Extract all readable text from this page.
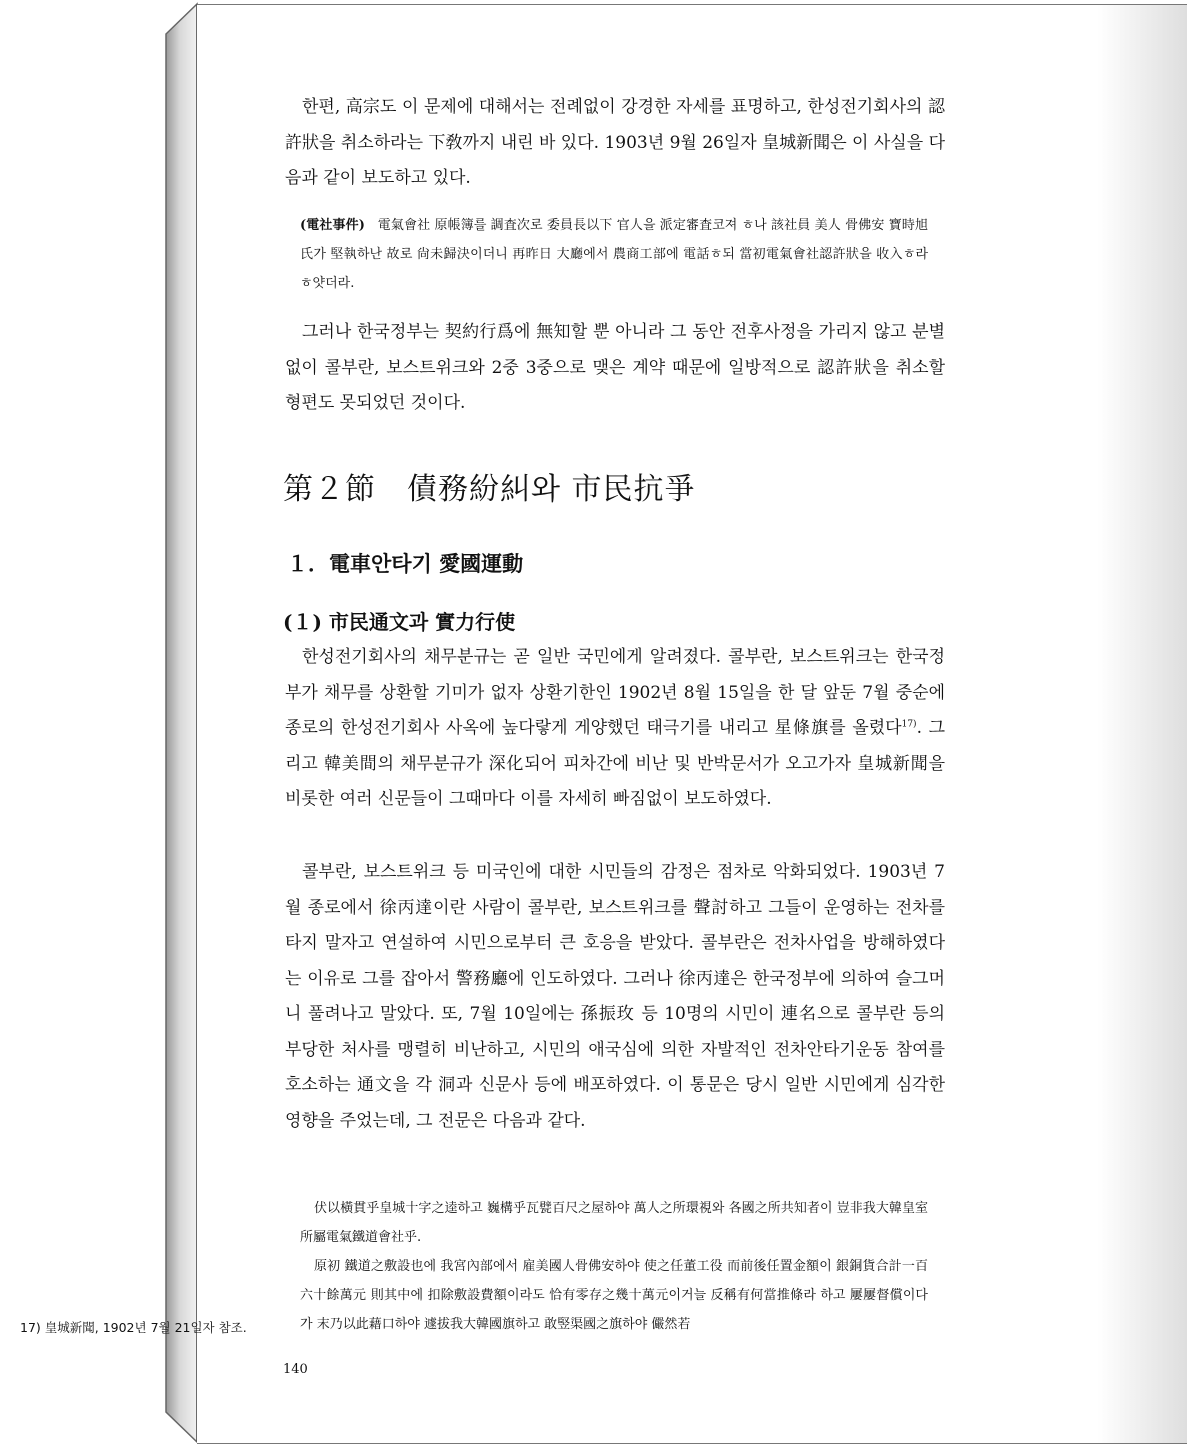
한편, 高宗도 이 문제에 대해서는 전례없이 강경한 자세를 표명하고, 한성전기회사의 認許狀을 취소하라는 下敎까지 내린 바 있다. 1903년 9월 26일자 皇城新聞은 이 사실을 다음과 같이 보도하고 있다.

(電社事件) 電氣會社 原帳簿를 調査次로 委員長以下 官人을 派定審査코져 ㅎ나 該社員 美人 骨佛安 寶時旭氏가 堅執하난 故로 尙未歸決이더니 再昨日 大廳에서 農商工部에 電話ㅎ되 當初電氣會社認許狀을 收入ㅎ라 ㅎ얏더라.

그러나 한국정부는 契約行爲에 無知할 뿐 아니라 그 동안 전후사정을 가리지 않고 분별없이 콜부란, 보스트위크와 2중 3중으로 맺은 계약 때문에 일방적으로 認許狀을 취소할 형편도 못되었던 것이다.

第２節　債務紛糾와 市民抗爭
１．電車안타기 愛國運動
(１) 市民通文과 實力行使

한성전기회사의 채무분규는 곧 일반 국민에게 알려졌다. 콜부란, 보스트위크는 한국정부가 채무를 상환할 기미가 없자 상환기한인 1902년 8월 15일을 한 달 앞둔 7월 중순에 종로의 한성전기회사 사옥에 높다랗게 게양했던 태극기를 내리고 星條旗를 올렸다$^{17)}$. 그리고 韓美間의 채무분규가 深化되어 피차간에 비난 및 반박문서가 오고가자 皇城新聞을 비롯한 여러 신문들이 그때마다 이를 자세히 빠짐없이 보도하였다.

콜부란, 보스트위크 등 미국인에 대한 시민들의 감정은 점차로 악화되었다. 1903년 7월 종로에서 徐丙達이란 사람이 콜부란, 보스트위크를 聲討하고 그들이 운영하는 전차를 타지 말자고 연설하여 시민으로부터 큰 호응을 받았다. 콜부란은 전차사업을 방해하였다는 이유로 그를 잡아서 警務廳에 인도하였다. 그러나 徐丙達은 한국정부에 의하여 슬그머니 풀려나고 말았다. 또, 7월 10일에는 孫振玫 등 10명의 시민이 連名으로 콜부란 등의 부당한 처사를 맹렬히 비난하고, 시민의 애국심에 의한 자발적인 전차안타기운동 참여를 호소하는 通文을 각 洞과 신문사 등에 배포하였다. 이 통문은 당시 일반 시민에게 심각한 영향을 주었는데, 그 전문은 다음과 같다.

伏以橫貫乎皇城十字之逵하고 巍構乎瓦甓百尺之屋하야 萬人之所環視와 各國之所共知者이 豈非我大韓皇室所屬電氣鐵道會社乎.

原初 鐵道之敷設也에 我宮內部에서 雇美國人骨佛安하야 使之任董工役 而前後任置金額이 銀銅貨合計一百六十餘萬元 則其中에 扣除敷設費額이라도 恰有零存之幾十萬元이거늘 反稱有何當推條라 하고 屢屢督償이다가 末乃以此藉口하야 遽拔我大韓國旗하고 敢竪渠國之旗하야 儼然若

17) 皇城新聞, 1902년 7월 21일자 참조.
140
